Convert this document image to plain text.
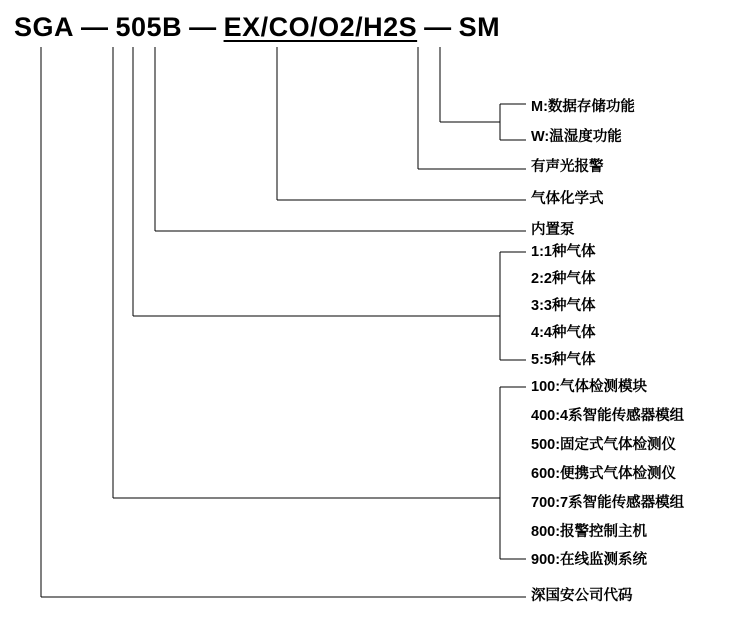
SGA — 505B — EX/CO/O2/H2S — SM
M:数据存储功能
W:温湿度功能
有声光报警
气体化学式
内置泵
1:1种气体
2:2种气体
3:3种气体
4:4种气体
5:5种气体
100:气体检测模块
400:4系智能传感器模组
500:固定式气体检测仪
600:便携式气体检测仪
700:7系智能传感器模组
800:报警控制主机
900:在线监测系统
深国安公司代码
